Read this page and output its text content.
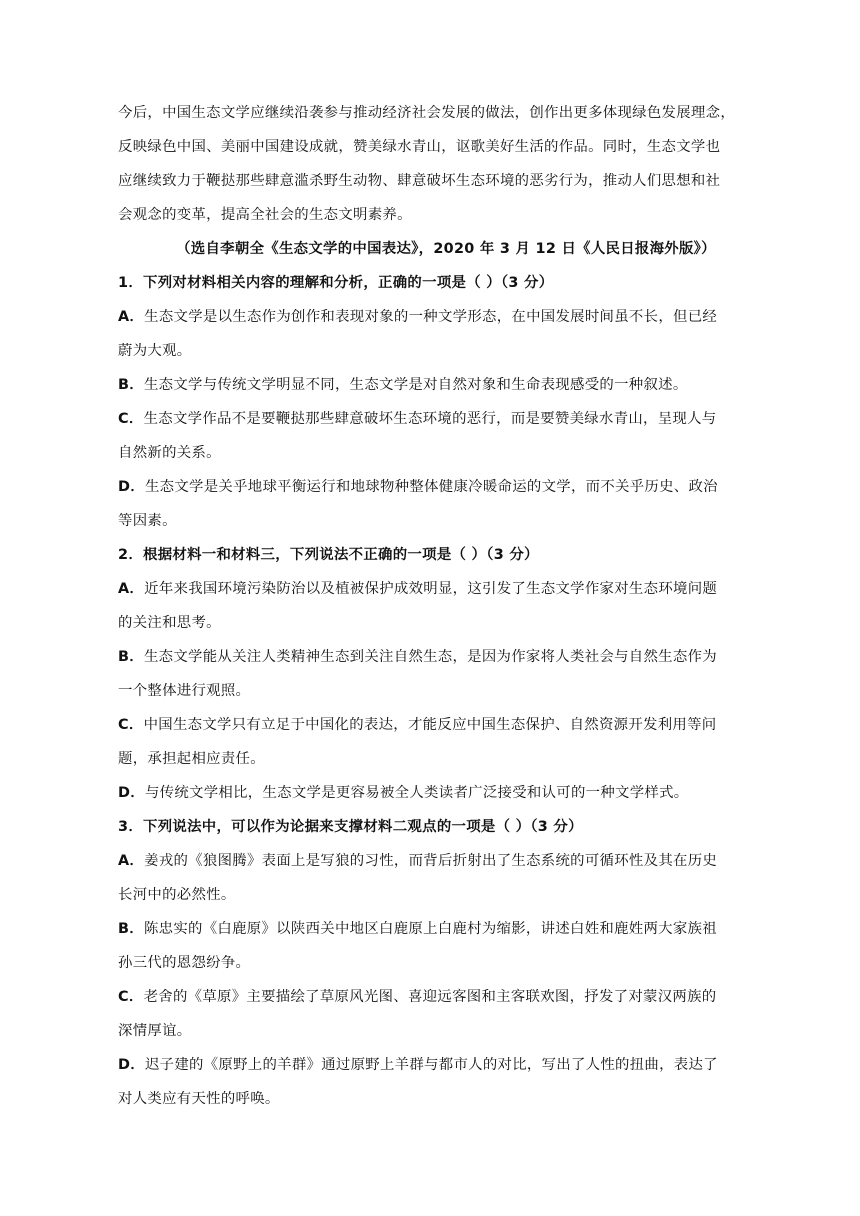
今后，中国生态文学应继续沿袭参与推动经济社会发展的做法，创作出更多体现绿色发展理念，
反映绿色中国、美丽中国建设成就，赞美绿水青山，讴歌美好生活的作品。同时，生态文学也
应继续致力于鞭挞那些肆意滥杀野生动物、肆意破坏生态环境的恶劣行为，推动人们思想和社
会观念的变革，提高全社会的生态文明素养。
（选自李朝全《生态文学的中国表达》，2020 年 3 月 12 日《人民日报海外版》）
1．下列对材料相关内容的理解和分析，正确的一项是（ ）（3 分）
A．生态文学是以生态作为创作和表现对象的一种文学形态，在中国发展时间虽不长，但已经
蔚为大观。
B．生态文学与传统文学明显不同，生态文学是对自然对象和生命表现感受的一种叙述。
C．生态文学作品不是要鞭挞那些肆意破坏生态环境的恶行，而是要赞美绿水青山，呈现人与
自然新的关系。
D．生态文学是关乎地球平衡运行和地球物种整体健康冷暖命运的文学，而不关乎历史、政治
等因素。
2．根据材料一和材料三，下列说法不正确的一项是（ ）（3 分）
A．近年来我国环境污染防治以及植被保护成效明显，这引发了生态文学作家对生态环境问题
的关注和思考。
B．生态文学能从关注人类精神生态到关注自然生态，是因为作家将人类社会与自然生态作为
一个整体进行观照。
C．中国生态文学只有立足于中国化的表达，才能反应中国生态保护、自然资源开发利用等问
题，承担起相应责任。
D．与传统文学相比，生态文学是更容易被全人类读者广泛接受和认可的一种文学样式。
3．下列说法中，可以作为论据来支撑材料二观点的一项是（ ）（3 分）
A．姜戎的《狼图腾》表面上是写狼的习性，而背后折射出了生态系统的可循环性及其在历史
长河中的必然性。
B．陈忠实的《白鹿原》以陕西关中地区白鹿原上白鹿村为缩影，讲述白姓和鹿姓两大家族祖
孙三代的恩怨纷争。
C．老舍的《草原》主要描绘了草原风光图、喜迎远客图和主客联欢图，抒发了对蒙汉两族的
深情厚谊。
D．迟子建的《原野上的羊群》通过原野上羊群与都市人的对比，写出了人性的扭曲，表达了
对人类应有天性的呼唤。
